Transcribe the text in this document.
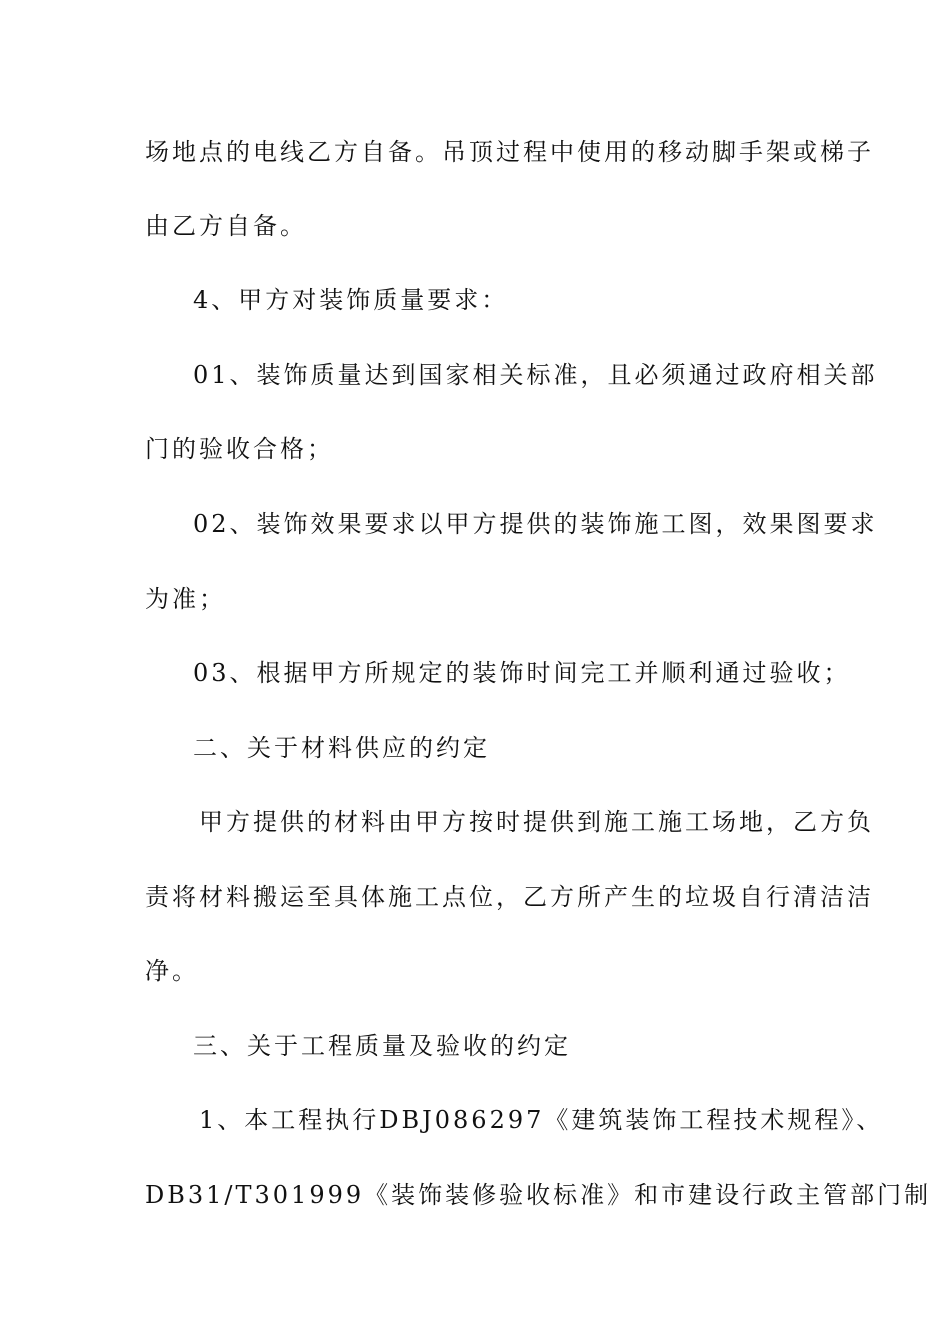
场地点的电线乙方自备。吊顶过程中使用的移动脚手架或梯子
由乙方自备。
4、甲方对装饰质量要求：
01、装饰质量达到国家相关标准，且必须通过政府相关部
门的验收合格；
02、装饰效果要求以甲方提供的装饰施工图，效果图要求
为准；
03、根据甲方所规定的装饰时间完工并顺利通过验收；
二、关于材料供应的约定
甲方提供的材料由甲方按时提供到施工施工场地，乙方负
责将材料搬运至具体施工点位，乙方所产生的垃圾自行清洁洁
净。
三、关于工程质量及验收的约定
1、本工程执行DBJ086297《建筑装饰工程技术规程》、
DB31/T301999《装饰装修验收标准》和市建设行政主管部门制
